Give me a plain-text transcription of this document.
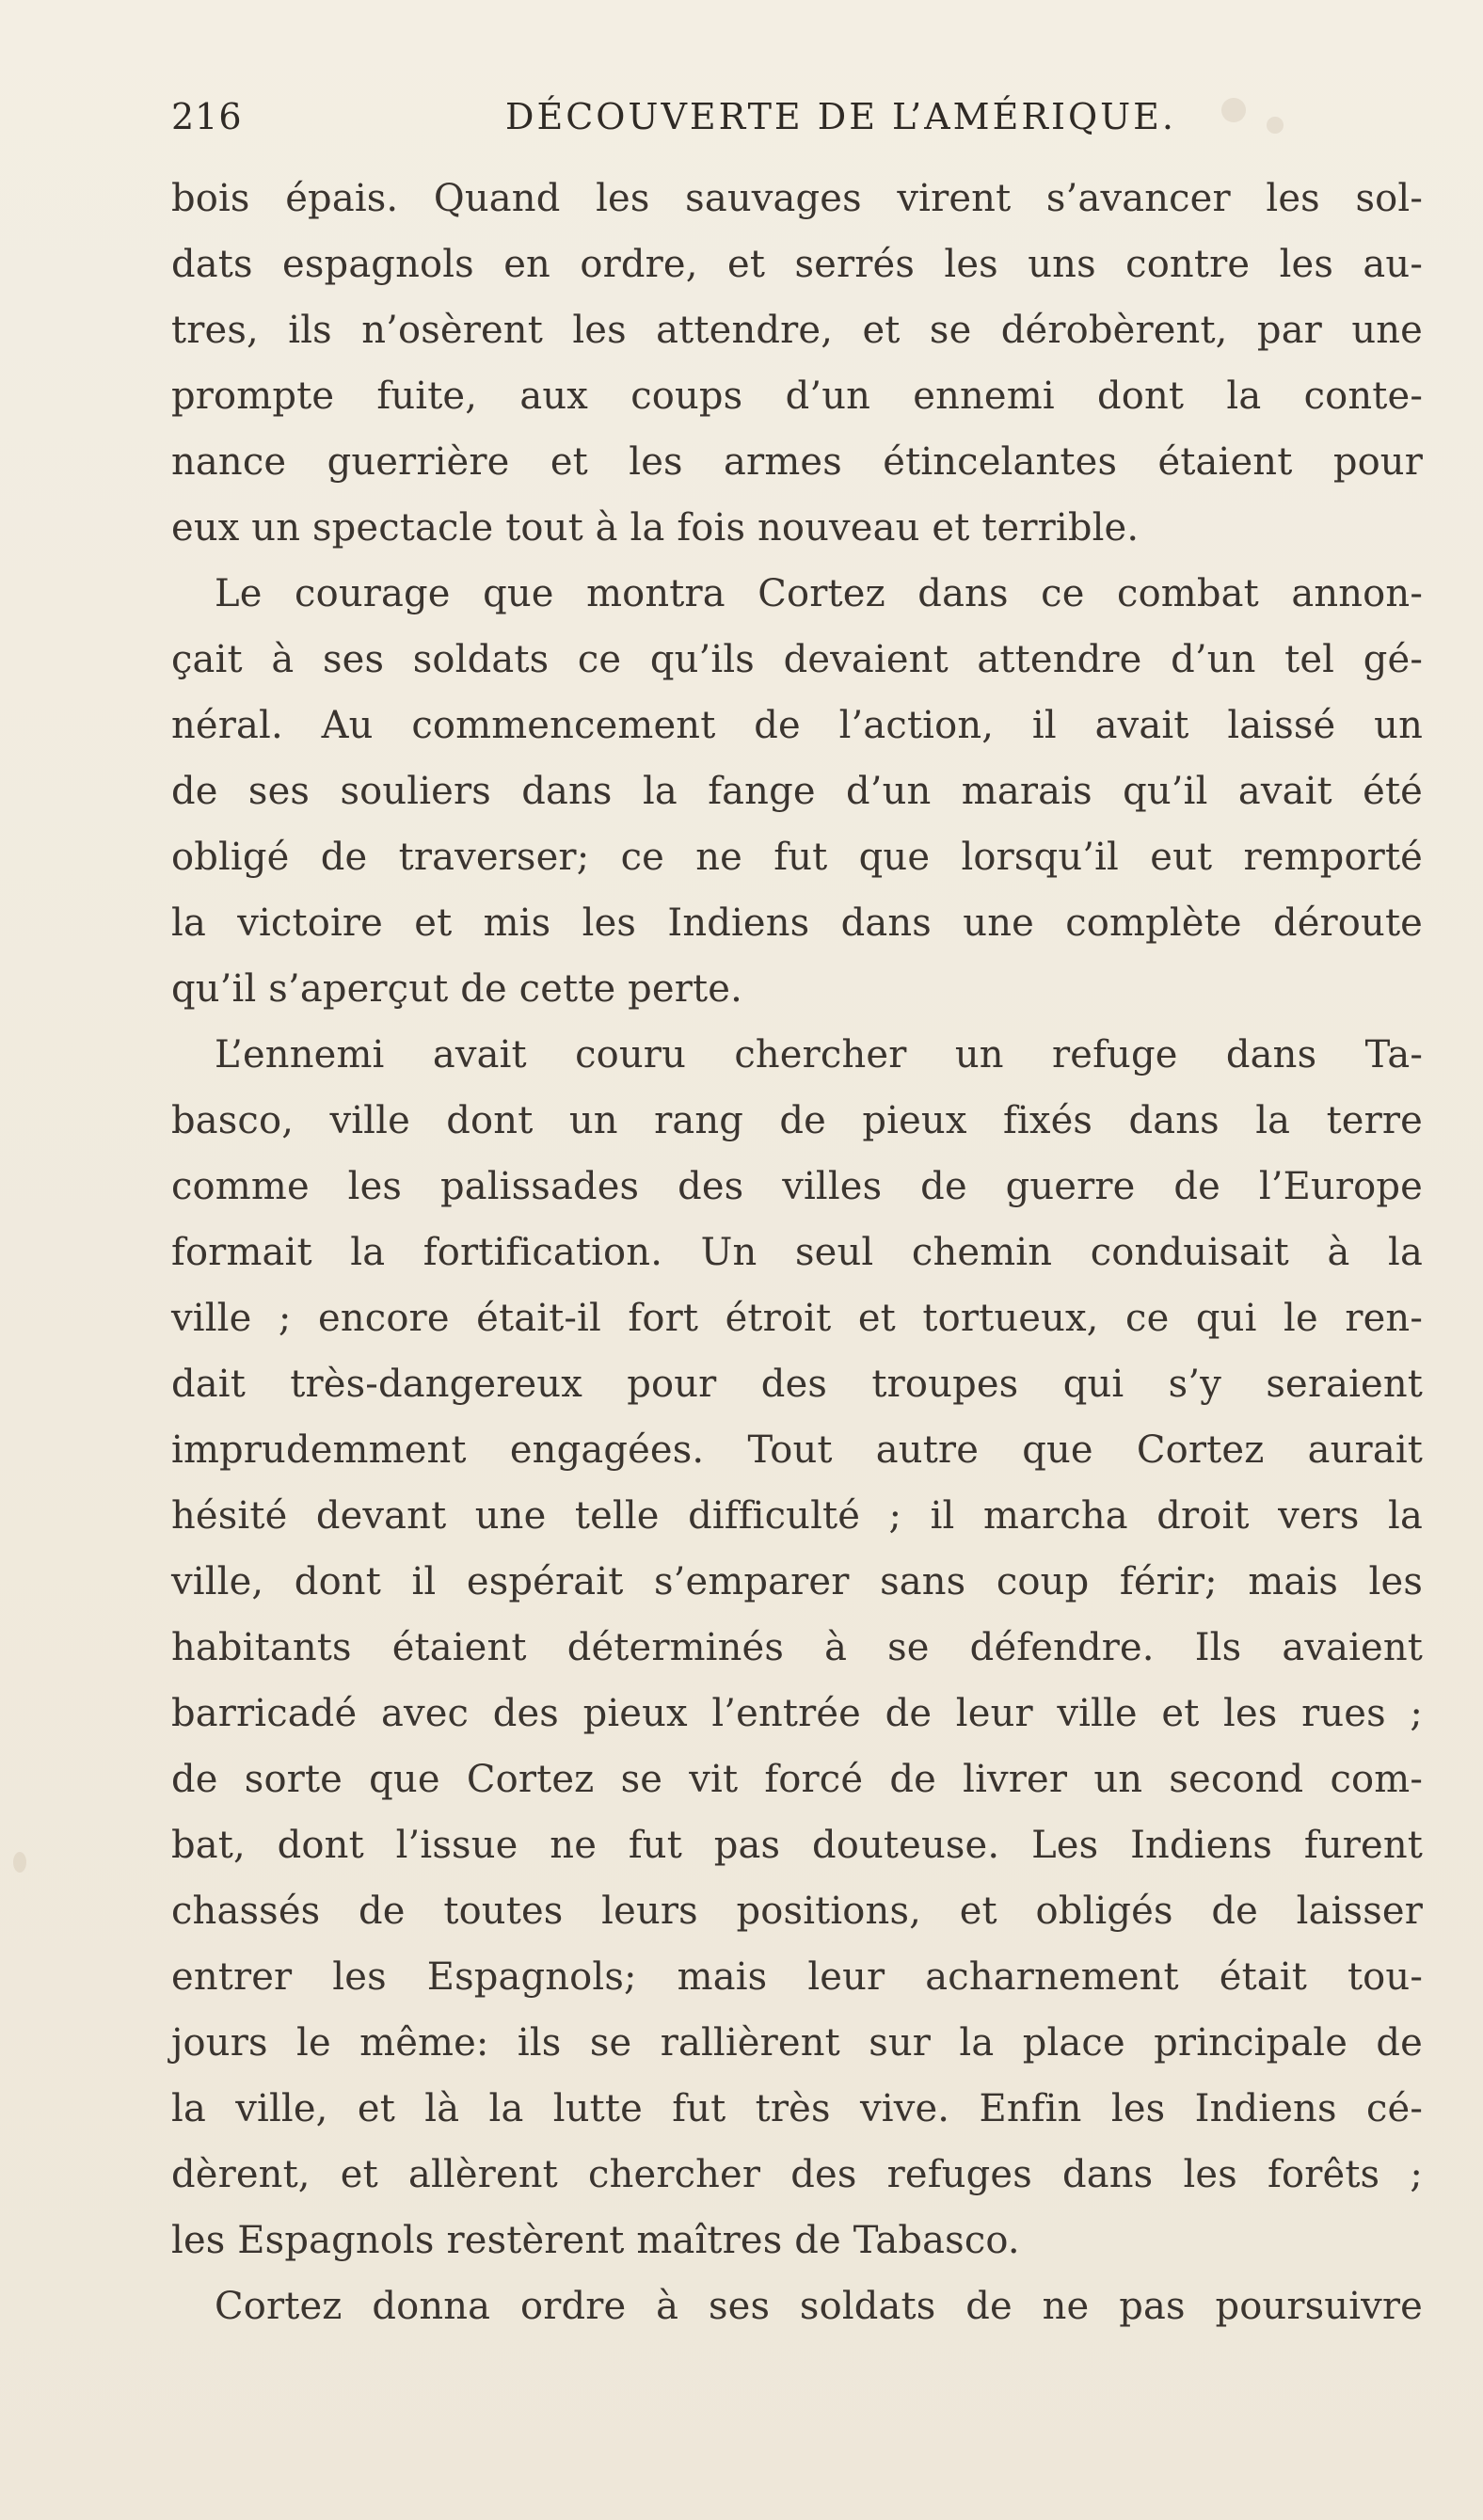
216	DÉCOUVERTE DE L’AMÉRIQUE.
bois épais. Quand les sauvages virent s’avancer les sol-
dats espagnols en ordre, et serrés les uns contre les au-
tres, ils n’osèrent les attendre, et se dérobèrent, par une
prompte fuite, aux coups d’un ennemi dont la conte-
nance guerrière et les armes étincelantes étaient pour
eux un spectacle tout à la fois nouveau et terrible.
Le courage que montra Cortez dans ce combat annon-
çait à ses soldats ce qu’ils devaient attendre d’un tel gé-
néral. Au commencement de l’action, il avait laissé un
de ses souliers dans la fange d’un marais qu’il avait été
obligé de traverser; ce ne fut que lorsqu’il eut remporté
la victoire et mis les Indiens dans une complète déroute
qu’il s’aperçut de cette perte.
L’ennemi avait couru chercher un refuge dans Ta-
basco, ville dont un rang de pieux fixés dans la terre
comme les palissades des villes de guerre de l’Europe
formait la fortification. Un seul chemin conduisait à la
ville ; encore était-il fort étroit et tortueux, ce qui le ren-
dait très-dangereux pour des troupes qui s’y seraient
imprudemment engagées. Tout autre que Cortez aurait
hésité devant une telle difficulté ; il marcha droit vers la
ville, dont il espérait s’emparer sans coup férir; mais les
habitants étaient déterminés à se défendre. Ils avaient
barricadé avec des pieux l’entrée de leur ville et les rues ;
de sorte que Cortez se vit forcé de livrer un second com-
bat, dont l’issue ne fut pas douteuse. Les Indiens furent
chassés de toutes leurs positions, et obligés de laisser
entrer les Espagnols; mais leur acharnement était tou-
jours le même: ils se rallièrent sur la place principale de
la ville, et là la lutte fut très vive. Enfin les Indiens cé-
dèrent, et allèrent chercher des refuges dans les forêts ;
les Espagnols restèrent maîtres de Tabasco.
Cortez donna ordre à ses soldats de ne pas poursuivre
